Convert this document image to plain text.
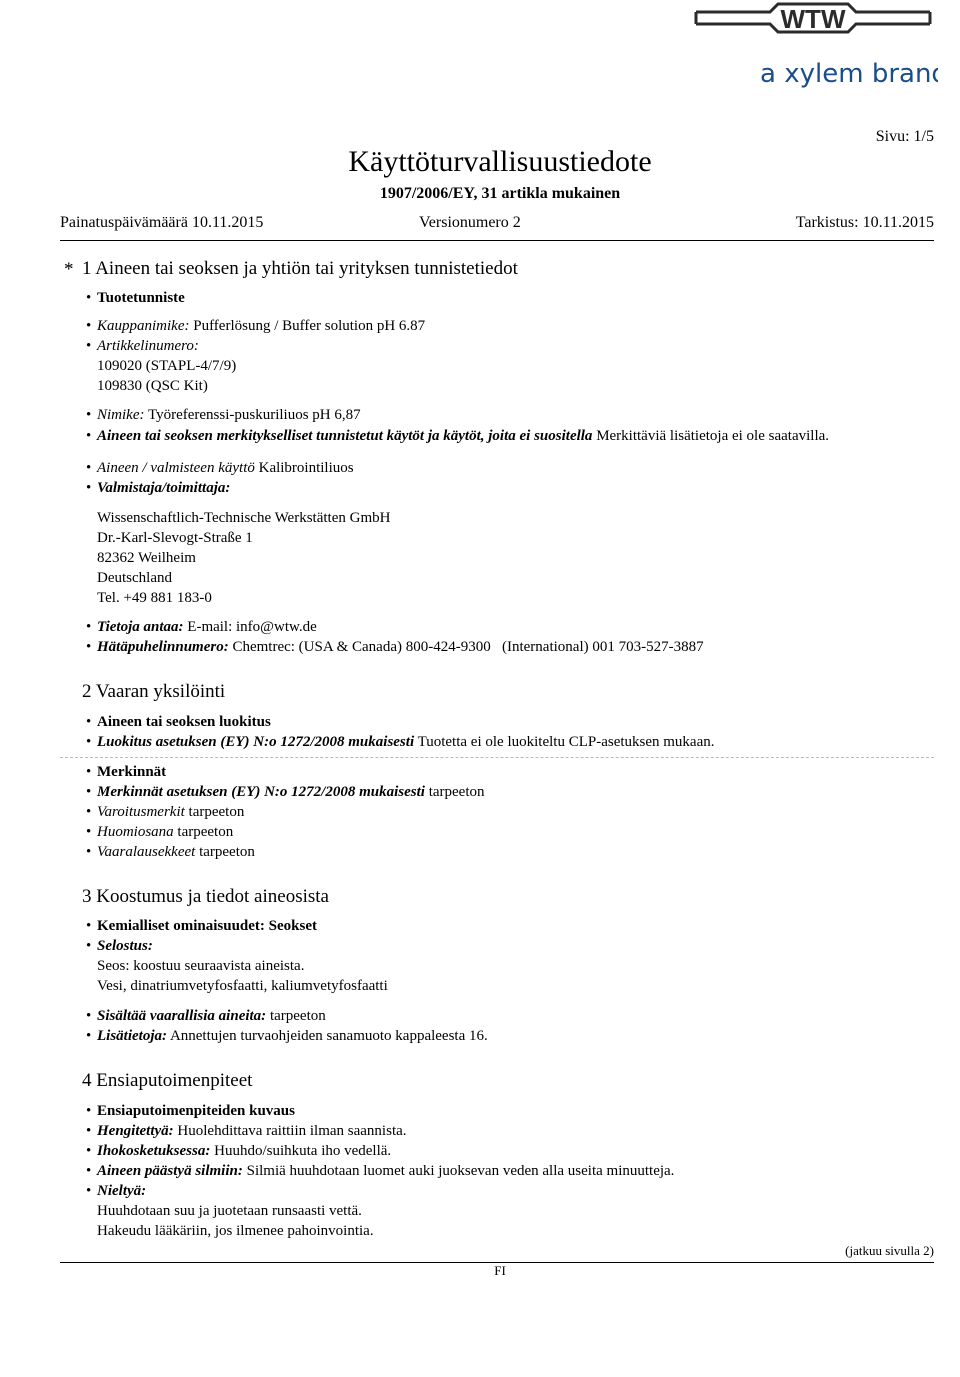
WTW
a xylem brand
Sivu: 1/5
Käyttöturvallisuustiedote
1907/2006/EY, 31 artikla mukainen
Painatuspäivämäärä 10.11.2015	Versionumero 2	Tarkistus: 10.11.2015
* 1 Aineen tai seoksen ja yhtiön tai yrityksen tunnistetiedot
• Tuotetunniste
• Kauppanimike: Pufferlösung / Buffer solution pH 6.87
• Artikkelinumero:
109020 (STAPL-4/7/9)
109830 (QSC Kit)
• Nimike: Työreferenssi-puskuriliuos pH 6,87
• Aineen tai seoksen merkitykselliset tunnistetut käytöt ja käytöt, joita ei suositella Merkittäviä lisätietoja ei ole saatavilla.
• Aineen / valmisteen käyttö Kalibrointiliuos
• Valmistaja/toimittaja:
Wissenschaftlich-Technische Werkstätten GmbH
Dr.-Karl-Slevogt-Straße 1
82362 Weilheim
Deutschland
Tel. +49 881 183-0
• Tietoja antaa: E-mail: info@wtw.de
• Hätäpuhelinnumero: Chemtrec: (USA & Canada) 800-424-9300   (International) 001 703-527-3887
2 Vaaran yksilöinti
• Aineen tai seoksen luokitus
• Luokitus asetuksen (EY) N:o 1272/2008 mukaisesti Tuotetta ei ole luokiteltu CLP-asetuksen mukaan.
• Merkinnät
• Merkinnät asetuksen (EY) N:o 1272/2008 mukaisesti tarpeeton
• Varoitusmerkit tarpeeton
• Huomiosana tarpeeton
• Vaaralausekkeet tarpeeton
3 Koostumus ja tiedot aineosista
• Kemialliset ominaisuudet: Seokset
• Selostus:
Seos: koostuu seuraavista aineista.
Vesi, dinatriumvetyfosfaatti, kaliumvetyfosfaatti
• Sisältää vaarallisia aineita: tarpeeton
• Lisätietoja: Annettujen turvaohjeiden sanamuoto kappaleesta 16.
4 Ensiaputoimenpiteet
• Ensiaputoimenpiteiden kuvaus
• Hengitettyä: Huolehdittava raittiin ilman saannista.
• Ihokosketuksessa: Huuhdo/suihkuta iho vedellä.
• Aineen päästyä silmiin: Silmiä huuhdotaan luomet auki juoksevan veden alla useita minuutteja.
• Nieltyä:
Huuhdotaan suu ja juotetaan runsaasti vettä.
Hakeudu lääkäriin, jos ilmenee pahoinvointia.
(jatkuu sivulla 2)
FI
